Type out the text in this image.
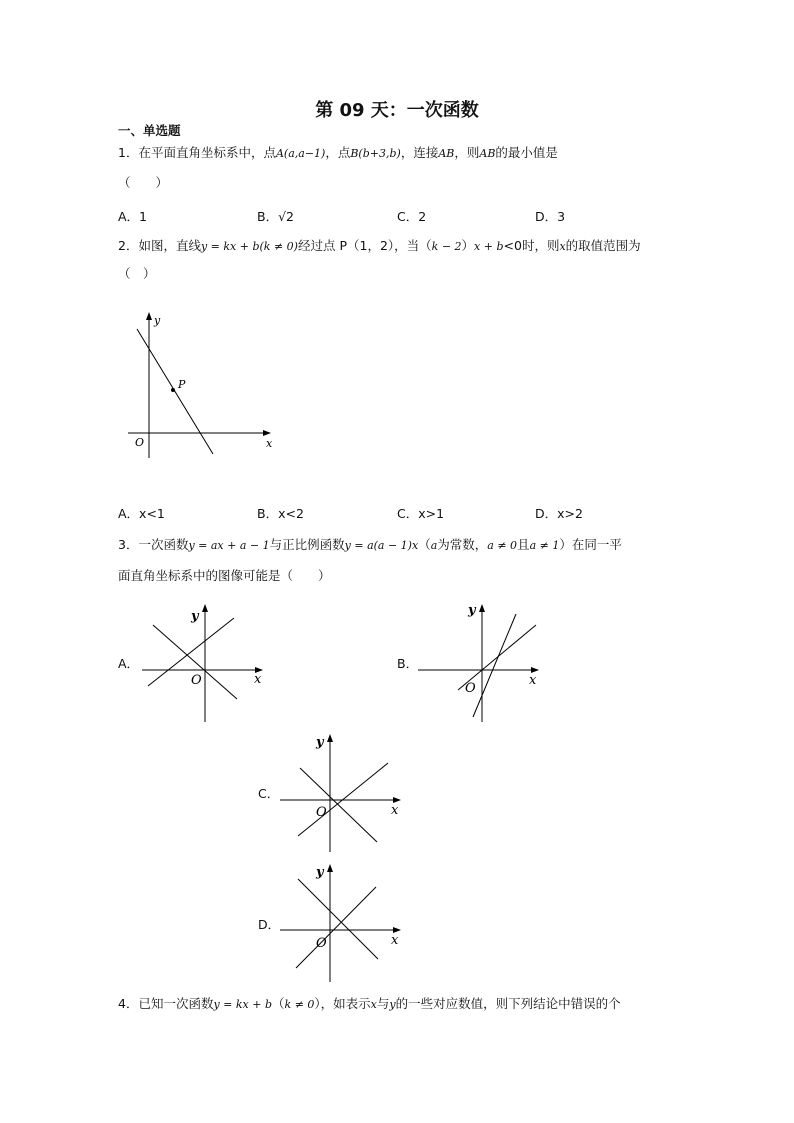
第 09 天：一次函数
一、单选题
1．在平面直角坐标系中，点A(a,a−1)，点B(b+3,b)，连接AB，则AB的最小值是
（　　）
A．1	B．√2	C．2	D．3
2．如图，直线y = kx + b(k ≠ 0)经过点 P（1，2），当（k − 2）x + b<0时，则x的取值范围为
（　）
y
x
O
P
A．x<1	B．x<2	C．x>1	D．x>2
3．一次函数y = ax + a − 1与正比例函数y = a(a − 1)x（a为常数，a ≠ 0且a ≠ 1）在同一平
面直角坐标系中的图像可能是（　　）
A．
y
x
O
B．
y
x
O
C．
y
x
O
D．
y
x
O
4．已知一次函数y = kx + b（k ≠ 0），如表示x与y的一些对应数值，则下列结论中错误的个
